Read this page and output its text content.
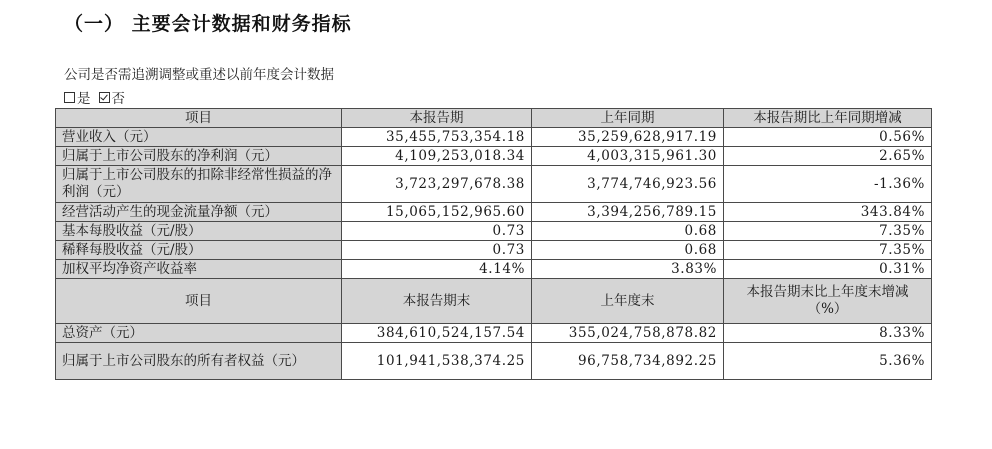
（一） 主要会计数据和财务指标
公司是否需追溯调整或重述以前年度会计数据
是 否
项目	本报告期	上年同期	本报告期比上年同期增减
营业收入（元）	35,455,753,354.18	35,259,628,917.19	0.56%
归属于上市公司股东的净利润（元）	4,109,253,018.34	4,003,315,961.30	2.65%
归属于上市公司股东的扣除非经常性损益的净利润（元）	3,723,297,678.38	3,774,746,923.56	-1.36%
经营活动产生的现金流量净额（元）	15,065,152,965.60	3,394,256,789.15	343.84%
基本每股收益（元/股）	0.73	0.68	7.35%
稀释每股收益（元/股）	0.73	0.68	7.35%
加权平均净资产收益率	4.14%	3.83%	0.31%
项目	本报告期末	上年度末	本报告期末比上年度末增减（%）
总资产（元）	384,610,524,157.54	355,024,758,878.82	8.33%
归属于上市公司股东的所有者权益（元）	101,941,538,374.25	96,758,734,892.25	5.36%
